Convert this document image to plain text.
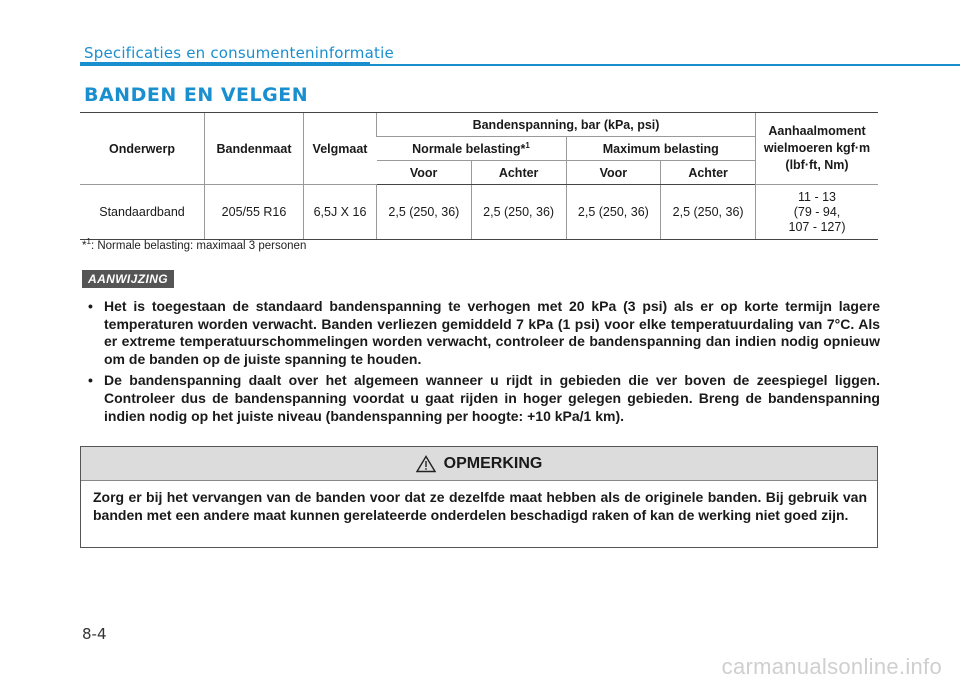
Specificaties en consumenteninformatie
BANDEN EN VELGEN
Onderwerp	Bandenmaat	Velgmaat	Bandenspanning, bar (kPa, psi)				Aanhaalmoment wielmoeren kgf·m (lbf·ft, Nm)
			Normale belasting*$^1$		Maximum belasting		
			Voor	Achter	Voor	Achter	
Standaardband	205/55 R16	6,5J X 16	2,5 (250, 36)	2,5 (250, 36)	2,5 (250, 36)	2,5 (250, 36)	11 - 13
(79 - 94,
107 - 127)
*$^1$: Normale belasting: maximaal 3 personen
AANWIJZING
• Het is toegestaan de standaard bandenspanning te verhogen met 20 kPa (3 psi) als er op korte termijn lagere temperaturen worden verwacht. Banden verliezen gemiddeld 7 kPa (1 psi) voor elke temperatuurdaling van 7°C. Als er extreme temperatuurschommelingen worden verwacht, controleer de bandenspanning dan indien nodig opnieuw om de banden op de juiste spanning te houden.
• De bandenspanning daalt over het algemeen wanneer u rijdt in gebieden die ver boven de zeespiegel liggen. Controleer dus de bandenspanning voordat u gaat rijden in hoger gelegen gebieden. Breng de bandenspanning indien nodig op het juiste niveau (bandenspanning per hoogte: +10 kPa/1 km).
OPMERKING
Zorg er bij het vervangen van de banden voor dat ze dezelfde maat hebben als de originele banden. Bij gebruik van banden met een andere maat kunnen gerelateerde onderdelen beschadigd raken of kan de werking niet goed zijn.
8-4
carmanualsonline.info
